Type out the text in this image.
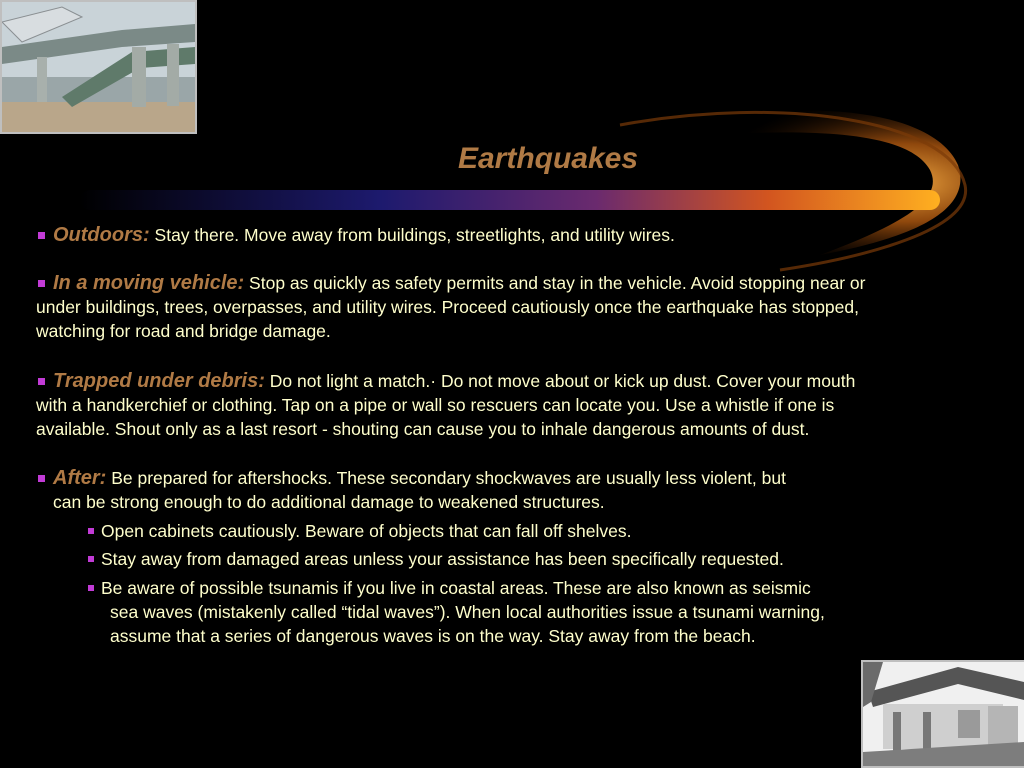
Earthquakes
Outdoors: Stay there. Move away from buildings, streetlights, and utility wires.
In a moving vehicle: Stop as quickly as safety permits and stay in the vehicle. Avoid stopping near or
under buildings, trees, overpasses, and utility wires. Proceed cautiously once the earthquake has stopped,
watching for road and bridge damage.
Trapped under debris: Do not light a match.· Do not move about or kick up dust. Cover your mouth
with a handkerchief or clothing. Tap on a pipe or wall so rescuers can locate you. Use a whistle if one is
available. Shout only as a last resort - shouting can cause you to inhale dangerous amounts of dust.
After: Be prepared for aftershocks. These secondary shockwaves are usually less violent, but
can be strong enough to do additional damage to weakened structures.
Open cabinets cautiously. Beware of objects that can fall off shelves.
Stay away from damaged areas unless your assistance has been specifically requested.
Be aware of possible tsunamis if you live in coastal areas. These are also known as seismic
sea waves (mistakenly called “tidal waves”). When local authorities issue a tsunami warning,
assume that a series of dangerous waves is on the way. Stay away from the beach.
